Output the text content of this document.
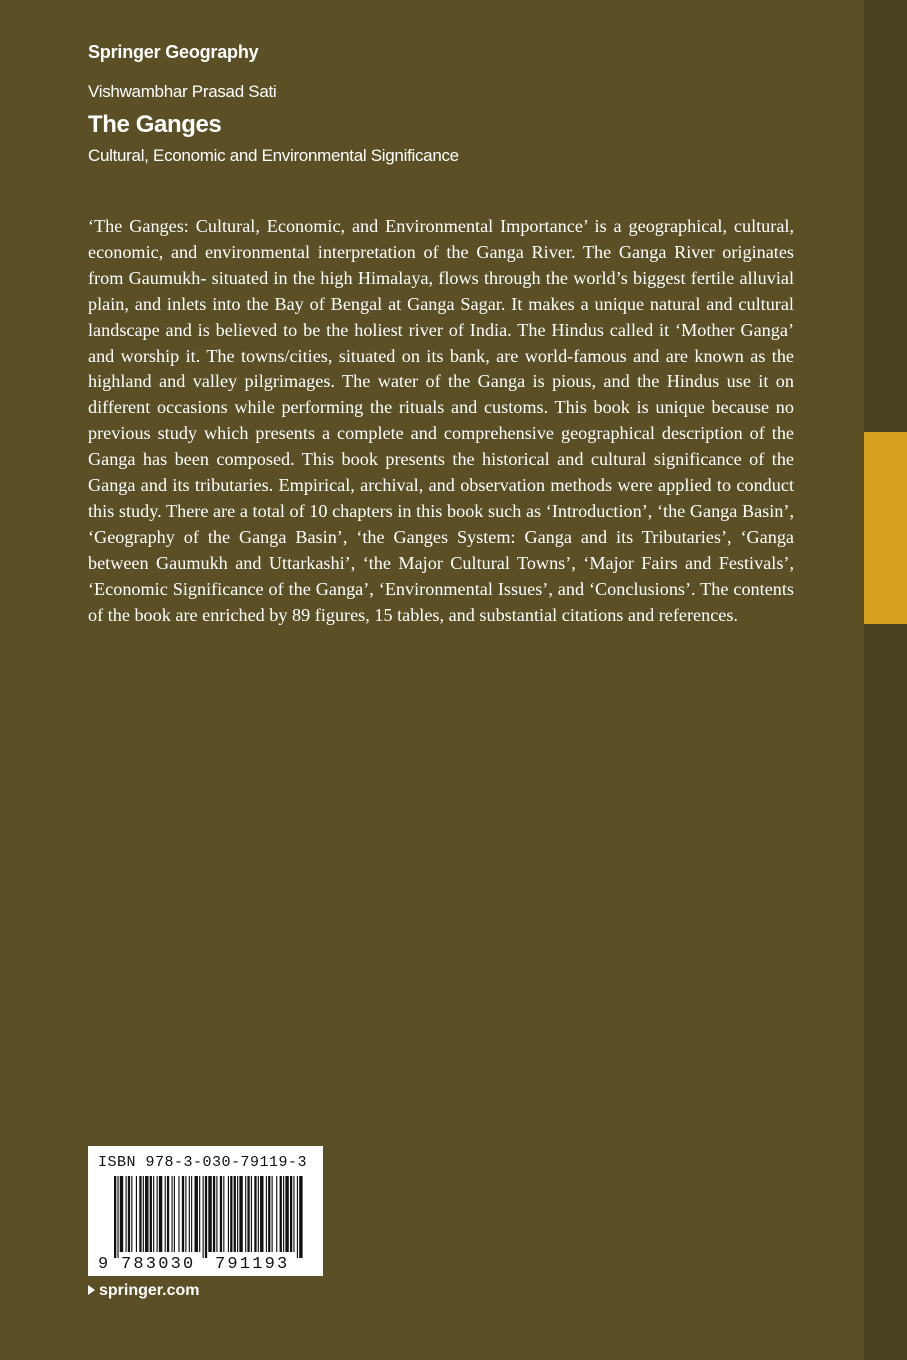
Springer Geography
Vishwambhar Prasad Sati
The Ganges
Cultural, Economic and Environmental Significance

‘The Ganges: Cultural, Economic, and Environmental Importance’ is a geographical, cultural, economic, and environmental interpretation of the Ganga River. The Ganga River originates from Gaumukh- situated in the high Himalaya, flows through the world’s biggest fertile alluvial plain, and inlets into the Bay of Bengal at Ganga Sagar. It makes a unique natural and cultural landscape and is believed to be the holiest river of India. The Hindus called it ‘Mother Ganga’ and worship it. The towns/cities, situated on its bank, are world-famous and are known as the highland and valley pilgrimages. The water of the Ganga is pious, and the Hindus use it on different occasions while performing the rituals and customs. This book is unique because no previous study which presents a complete and comprehensive geographical description of the Ganga has been composed. This book presents the historical and cultural significance of the Ganga and its tributaries. Empirical, archival, and observation methods were applied to conduct this study. There are a total of 10 chapters in this book such as ‘Introduction’, ‘the Ganga Basin’, ‘Geography of the Ganga Basin’, ‘the Ganges System: Ganga and its Tributaries’, ‘Ganga between Gaumukh and Uttarkashi’, ‘the Major Cultural Towns’, ‘Major Fairs and Festivals’, ‘Economic Significance of the Ganga’, ‘Environmental Issues’, and ‘Conclusions’. The contents of the book are enriched by 89 figures, 15 tables, and substantial citations and references.

9 783030 791193
ISBN 978-3-030-79119-3
springer.com
